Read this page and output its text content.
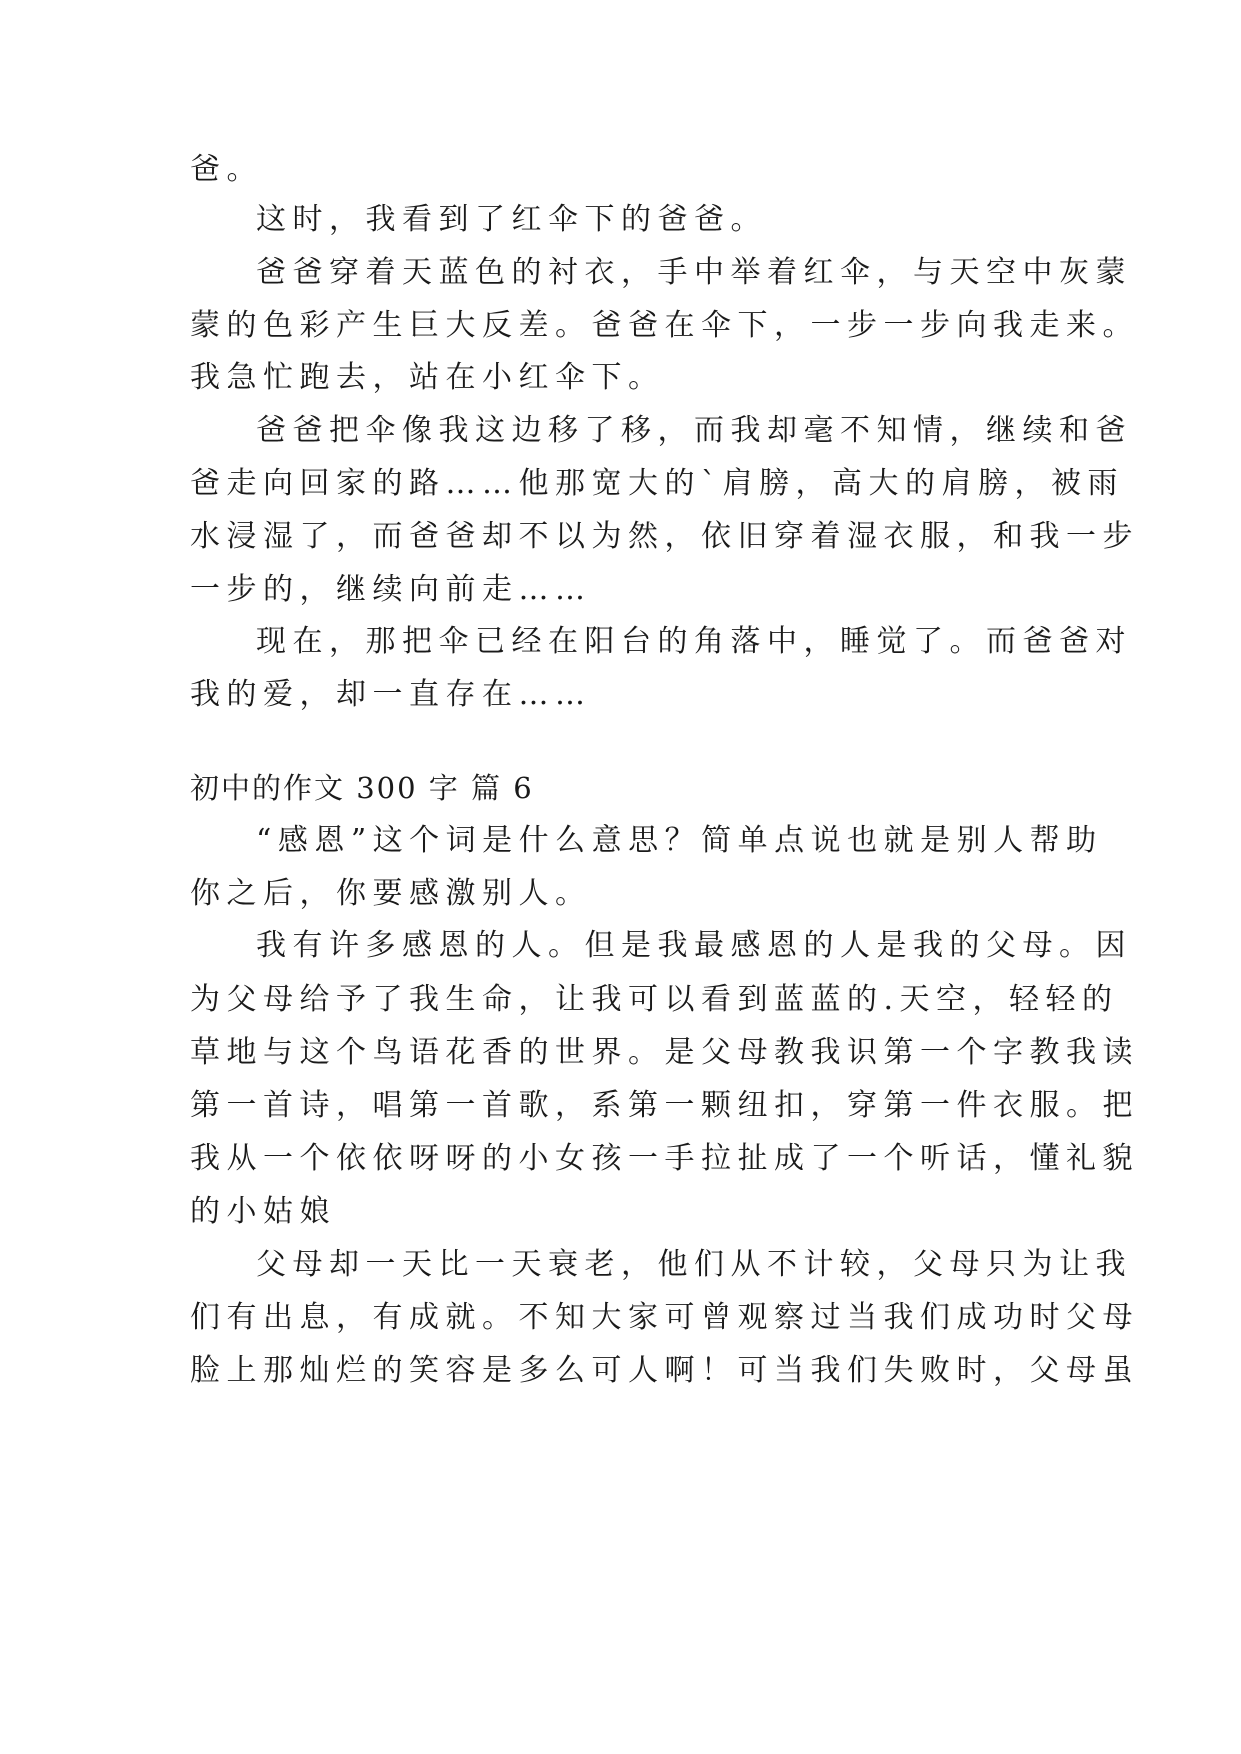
爸。
这时，我看到了红伞下的爸爸。
爸爸穿着天蓝色的衬衣，手中举着红伞，与天空中灰蒙
蒙的色彩产生巨大反差。爸爸在伞下，一步一步向我走来。
我急忙跑去，站在小红伞下。
爸爸把伞像我这边移了移，而我却毫不知情，继续和爸
爸走向回家的路……他那宽大的`肩膀，高大的肩膀，被雨
水浸湿了，而爸爸却不以为然，依旧穿着湿衣服，和我一步
一步的，继续向前走……
现在，那把伞已经在阳台的角落中，睡觉了。而爸爸对
我的爱，却一直存在……
初中的作文 300 字 篇 6
“感恩”这个词是什么意思？简单点说也就是别人帮助
你之后，你要感激别人。
我有许多感恩的人。但是我最感恩的人是我的父母。因
为父母给予了我生命，让我可以看到蓝蓝的.天空，轻轻的
草地与这个鸟语花香的世界。是父母教我识第一个字教我读
第一首诗，唱第一首歌，系第一颗纽扣，穿第一件衣服。把
我从一个依依呀呀的小女孩一手拉扯成了一个听话，懂礼貌
的小姑娘
父母却一天比一天衰老，他们从不计较，父母只为让我
们有出息，有成就。不知大家可曾观察过当我们成功时父母
脸上那灿烂的笑容是多么可人啊！可当我们失败时，父母虽
